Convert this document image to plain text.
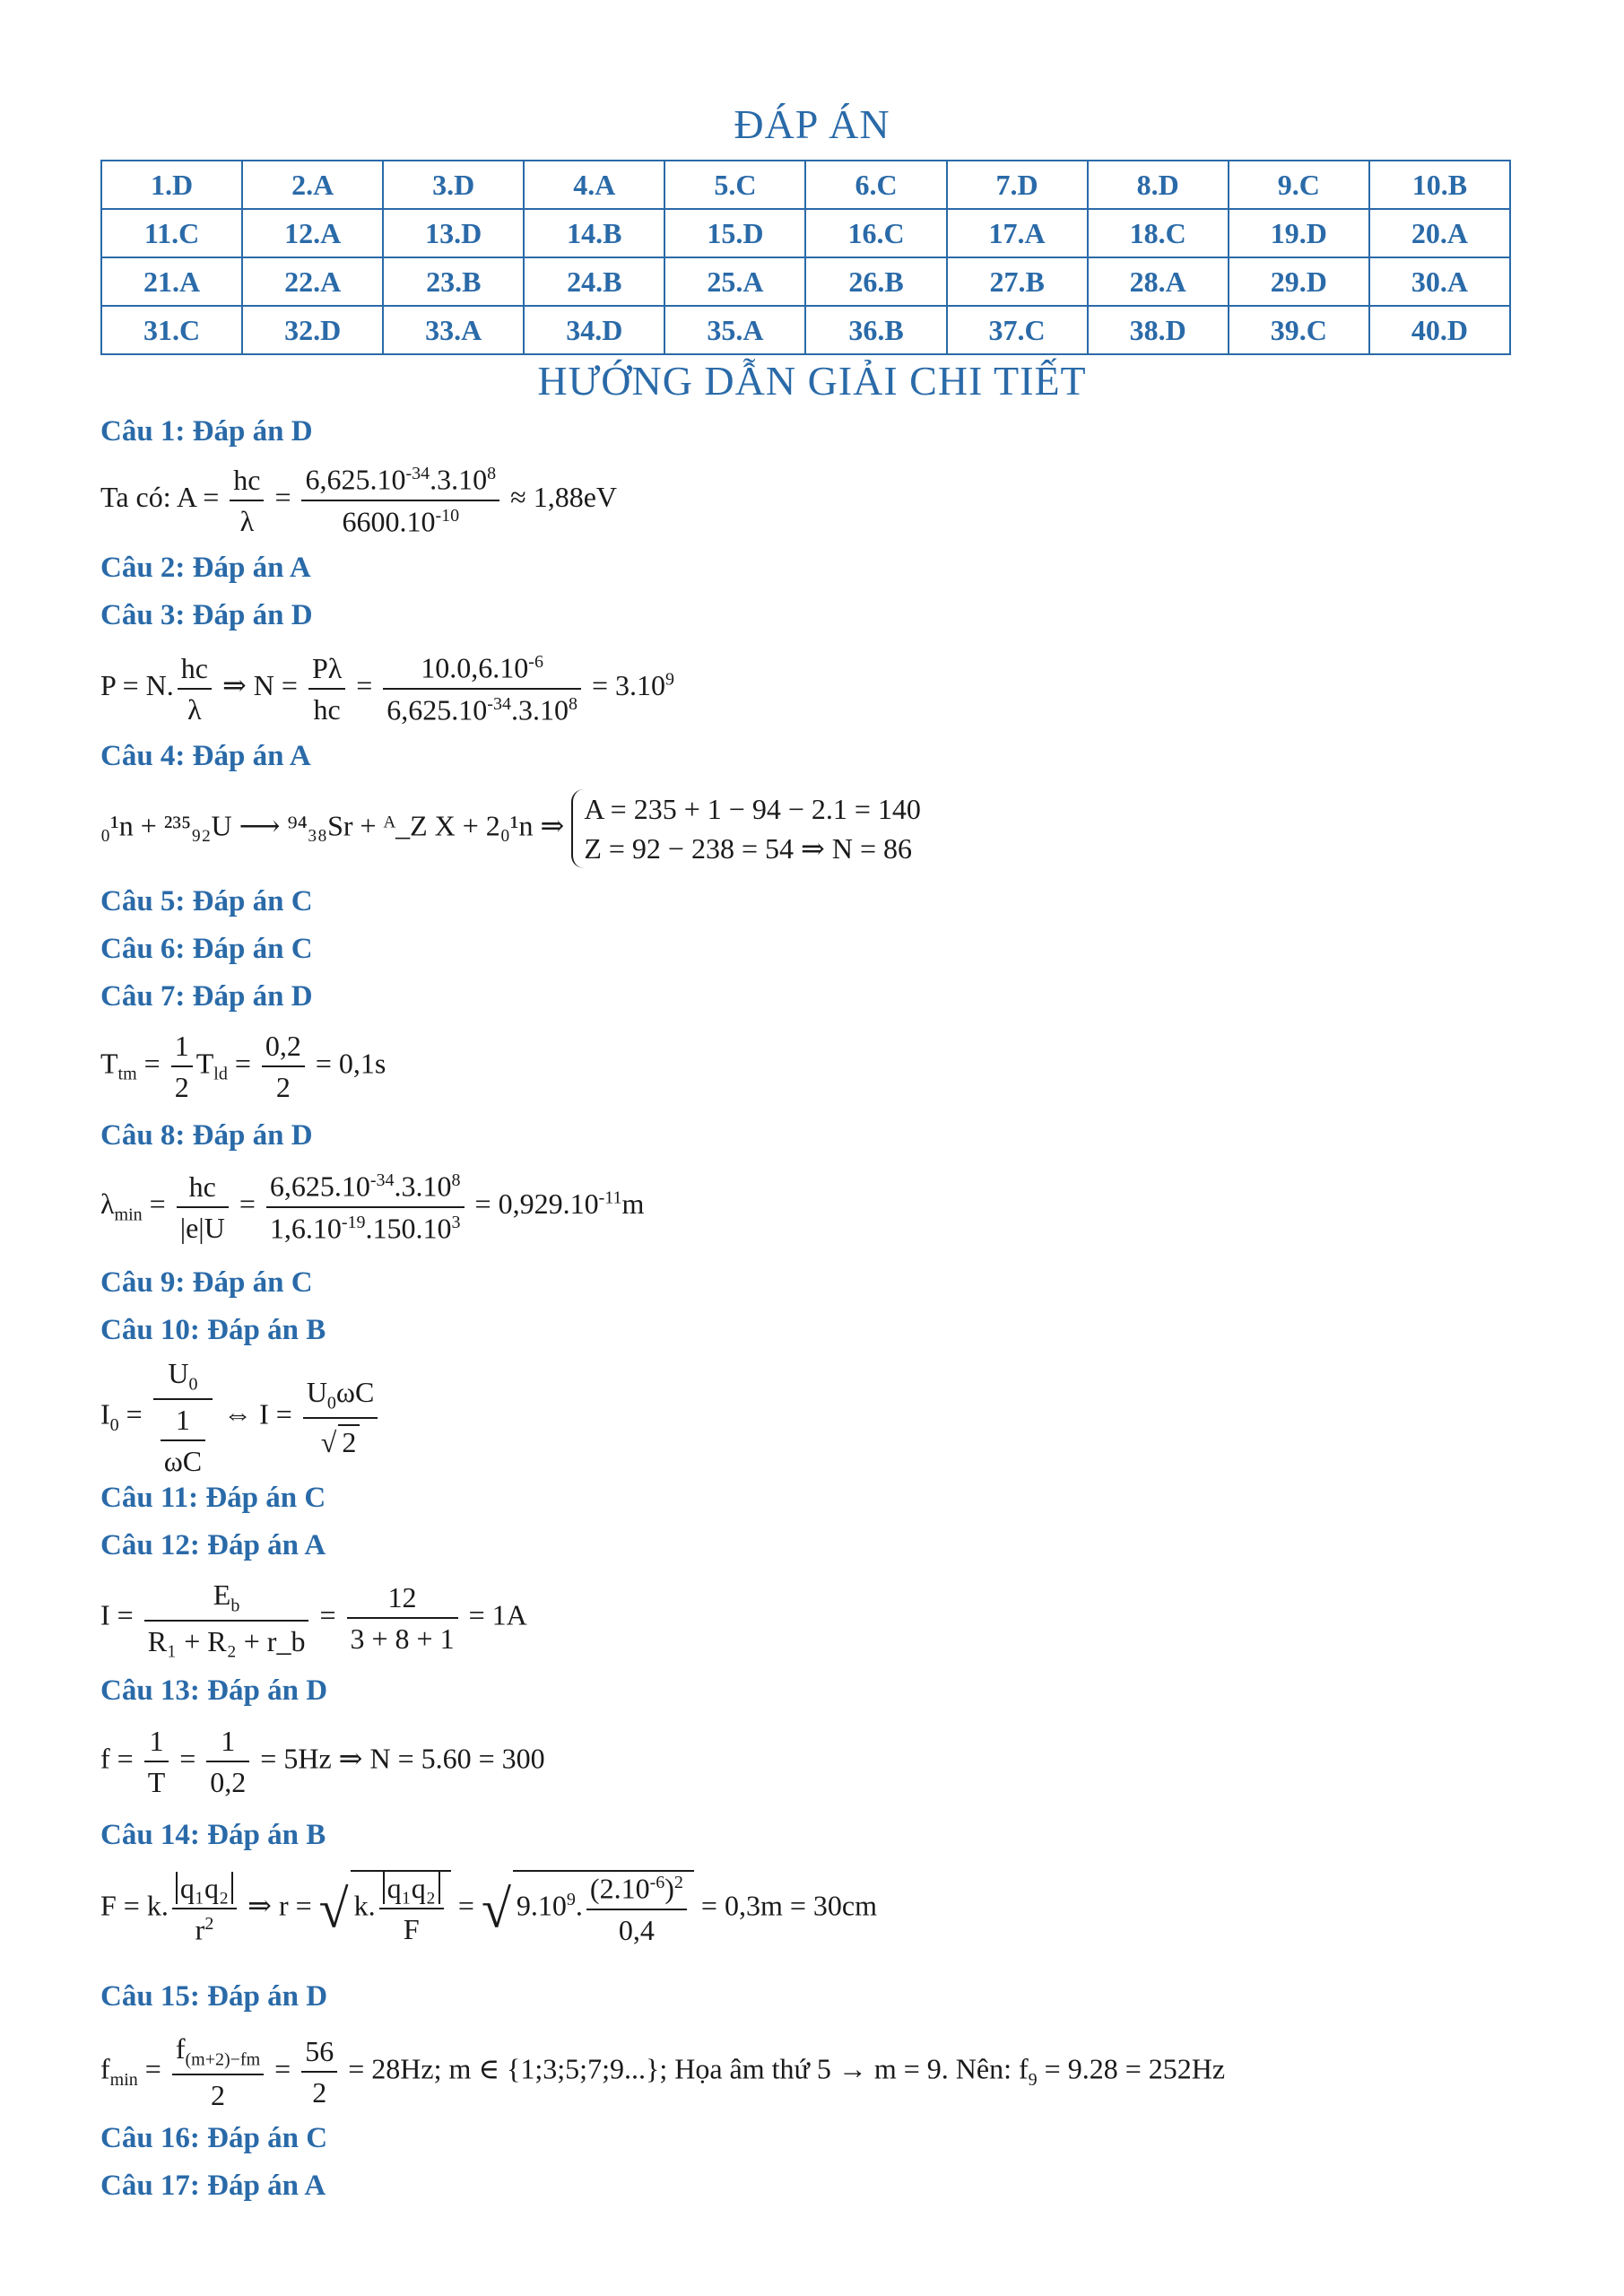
ĐÁP ÁN
1.D	2.A	3.D	4.A	5.C	6.C	7.D	8.D	9.C	10.B
11.C	12.A	13.D	14.B	15.D	16.C	17.A	18.C	19.D	20.A
21.A	22.A	23.B	24.B	25.A	26.B	27.B	28.A	29.D	30.A
31.C	32.D	33.A	34.D	35.A	36.B	37.C	38.D	39.C	40.D
HƯỚNG DẪN GIẢI CHI TIẾT
Câu 1: Đáp án D
Ta có: $A = \frac{hc}{\lambda} = \frac{6,625.10^{-34}.3.10^8}{6600.10^{-10}} \approx 1,88eV$
Câu 2: Đáp án A
Câu 3: Đáp án D
P = N. $\frac{hc}{\lambda}$ ⇒ $N = \frac{P\lambda}{hc} = \frac{10.0,6.10^{-6}}{6,625.10^{-34}.3.10^8} = 3.10^9$
Câu 4: Đáp án A
₀¹n + ²³⁵₉₂U ⟶ ⁹⁴₃₈Sr + ᴬ_Z X + 2₀¹n ⇒
A = 235 + 1 − 94 − 2.1 = 140
Z = 92 − 238 = 54 ⇒ N = 86
Câu 5: Đáp án C
Câu 6: Đáp án C
Câu 7: Đáp án D
$T_{tm} = \frac{1}{2} T_{ld} = \frac{0,2}{2} = 0,1s$
Câu 8: Đáp án D
$\lambda_{min} = \frac{hc}{|e|U} = \frac{6,625.10^{-34}.3.10^8}{1,6.10^{-19}.150.10^3} = 0,929.10^{-11}m$
Câu 9: Đáp án C
Câu 10: Đáp án B
$I_0 = \frac{U_0}{\frac{1}{\omega C}}$ ⇔ $I = \frac{U_0\omega C}{√ 2}$
Câu 11: Đáp án C
Câu 12: Đáp án A
$I = \frac{E_b}{\text{R₁ + R₂ + r\_b}} = \frac{12}{3 + 8 + 1} = 1A$
Câu 13: Đáp án D
$f = \frac{1}{T} = \frac{1}{0,2} = 5Hz$ ⇒ N = 5.60 = 300
Câu 14: Đáp án B
F = k. $\frac{\text{q₁q₂}}{r^2}$ ⇒ r = √ k. $\frac{\text{q₁q₂}}{F}$ = √ 9.10$^9$. $\frac{(2.10^{-6})^2}{0,4} = 0,3m = 30cm$
Câu 15: Đáp án D
$f_{min} = \frac{f_{(m+2)-fm}}{2} = \frac{56}{2} = 28Hz$; m ∈ {1;3;5;7;9...}; Họa âm thứ 5 → m = 9. Nên: $f_9 = 9.28 = 252Hz$
Câu 16: Đáp án C
Câu 17: Đáp án A
